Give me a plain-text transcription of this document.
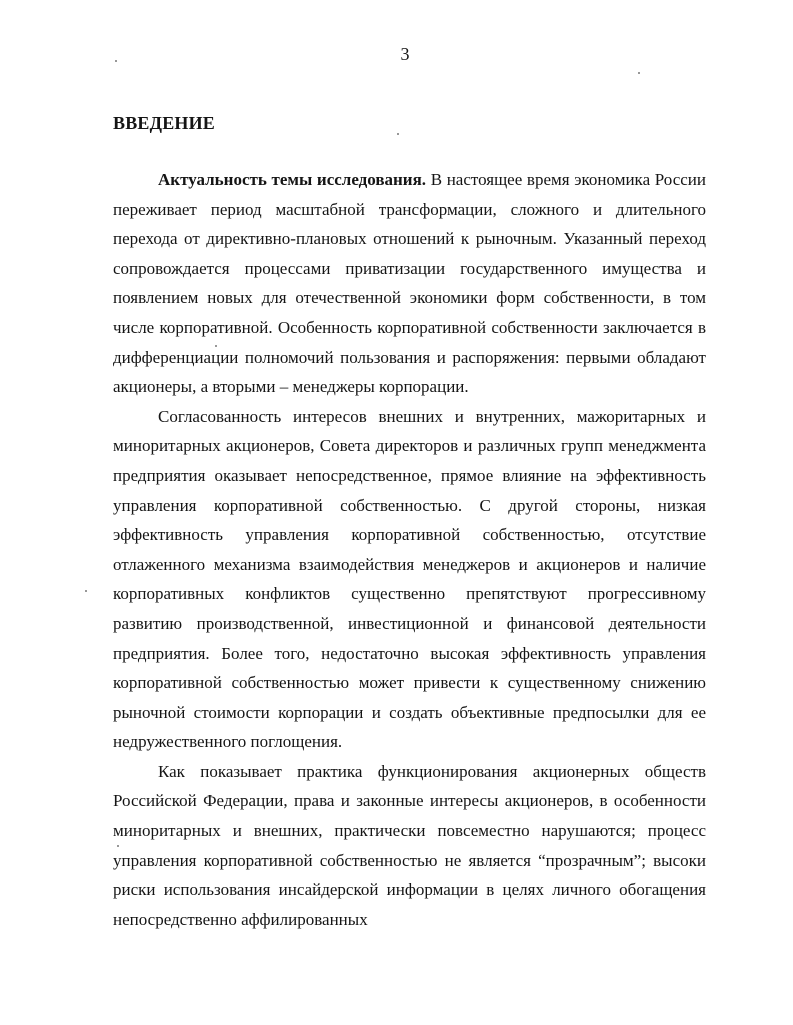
3
ВВЕДЕНИЕ

Актуальность темы исследования. В настоящее время экономика России переживает период масштабной трансформации, сложного и длительного перехода от директивно-плановых отношений к рыночным. Указанный переход сопровождается процессами приватизации государственного имущества и появлением новых для отечественной экономики форм собственности, в том числе корпоративной. Особенность корпоративной собственности заключается в дифференциации полномочий пользования и распоряжения: первыми обладают акционеры, а вторыми – менеджеры корпорации.

Согласованность интересов внешних и внутренних, мажоритарных и миноритарных акционеров, Совета директоров и различных групп менеджмента предприятия оказывает непосредственное, прямое влияние на эффективность управления корпоративной собственностью. С другой стороны, низкая эффективность управления корпоративной собственностью, отсутствие отлаженного механизма взаимодействия менеджеров и акционеров и наличие корпоративных конфликтов существенно препятствуют прогрессивному развитию производственной, инвестиционной и финансовой деятельности предприятия. Более того, недостаточно высокая эффективность управления корпоративной собственностью может привести к существенному снижению рыночной стоимости корпорации и создать объективные предпосылки для ее недружественного поглощения.

Как показывает практика функционирования акционерных обществ Российской Федерации, права и законные интересы акционеров, в особенности миноритарных и внешних, практически повсеместно нарушаются; процесс управления корпоративной собственностью не является “прозрачным”; высоки риски использования инсайдерской информации в целях личного обогащения непосредственно аффилированных
